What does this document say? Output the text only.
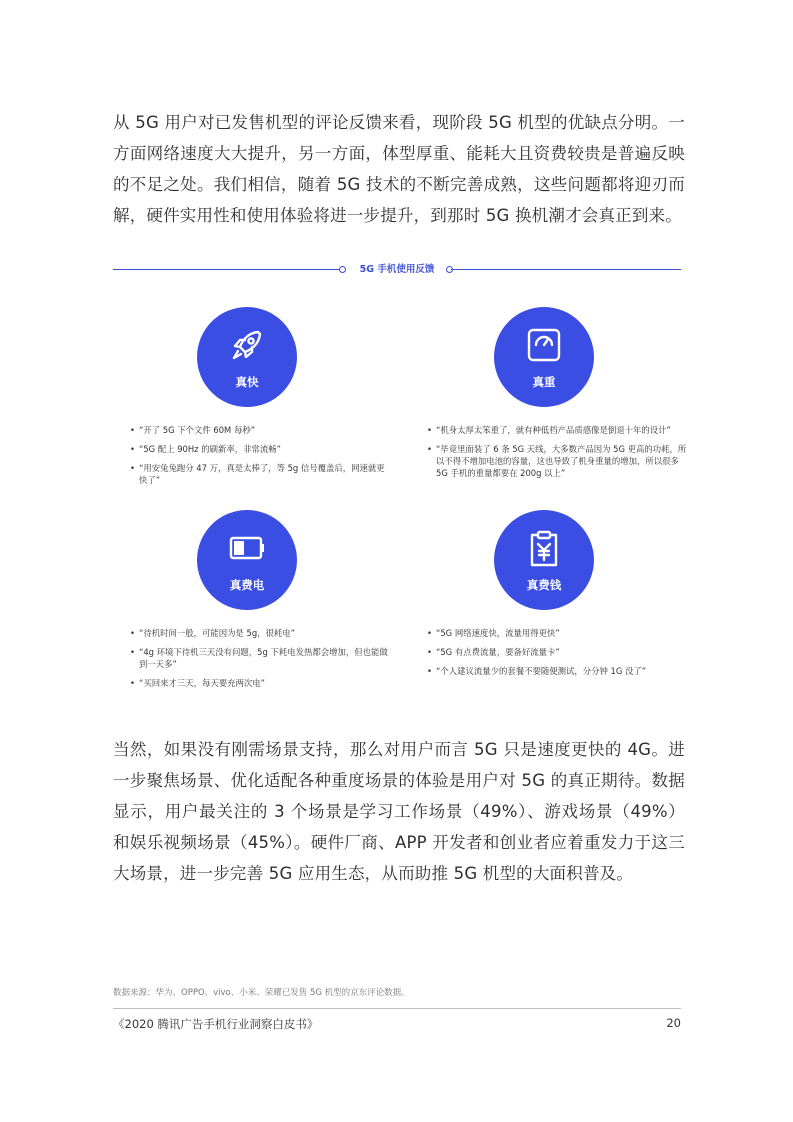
从 5G 用户对已发售机型的评论反馈来看，现阶段 5G 机型的优缺点分明。一方面网络速度大大提升，另一方面，体型厚重、能耗大且资费较贵是普遍反映的不足之处。我们相信，随着 5G 技术的不断完善成熟，这些问题都将迎刃而解，硬件实用性和使用体验将进一步提升，到那时 5G 换机潮才会真正到来。

5G 手机使用反馈
真快
• “开了 5G 下个文件 60M 每秒”
• “5G 配上 90Hz 的刷新率，非常流畅”
• “用安兔兔跑分 47 万，真是太棒了，等 5g 信号覆盖后，网速就更快了”
真重
• “机身太厚太笨重了，就有种低档产品质感像是倒退十年的设计”
• “毕竟里面装了 6 条 5G 天线，大多数产品因为 5G 更高的功耗，所以不得不增加电池的容量，这也导致了机身重量的增加，所以很多 5G 手机的重量都要在 200g 以上”
真费电
• “待机时间一般，可能因为是 5g，很耗电”
• “4g 环境下待机三天没有问题，5g 下耗电发热都会增加，但也能做到一天多”
• “买回来才三天，每天要充两次电”
真费钱
• “5G 网络速度快，流量用得更快”
• “5G 有点费流量，要备好流量卡”
• “个人建议流量少的套餐不要随便测试，分分钟 1G 没了”

当然，如果没有刚需场景支持，那么对用户而言 5G 只是速度更快的 4G。进一步聚焦场景、优化适配各种重度场景的体验是用户对 5G 的真正期待。数据显示，用户最关注的 3 个场景是学习工作场景（49%）、游戏场景（49%）和娱乐视频场景（45%）。硬件厂商、APP 开发者和创业者应着重发力于这三大场景，进一步完善 5G 应用生态，从而助推 5G 机型的大面积普及。

数据来源：华为、OPPO、vivo、小米、荣耀已发售 5G 机型的京东评论数据。
《2020 腾讯广告手机行业洞察白皮书》	20
